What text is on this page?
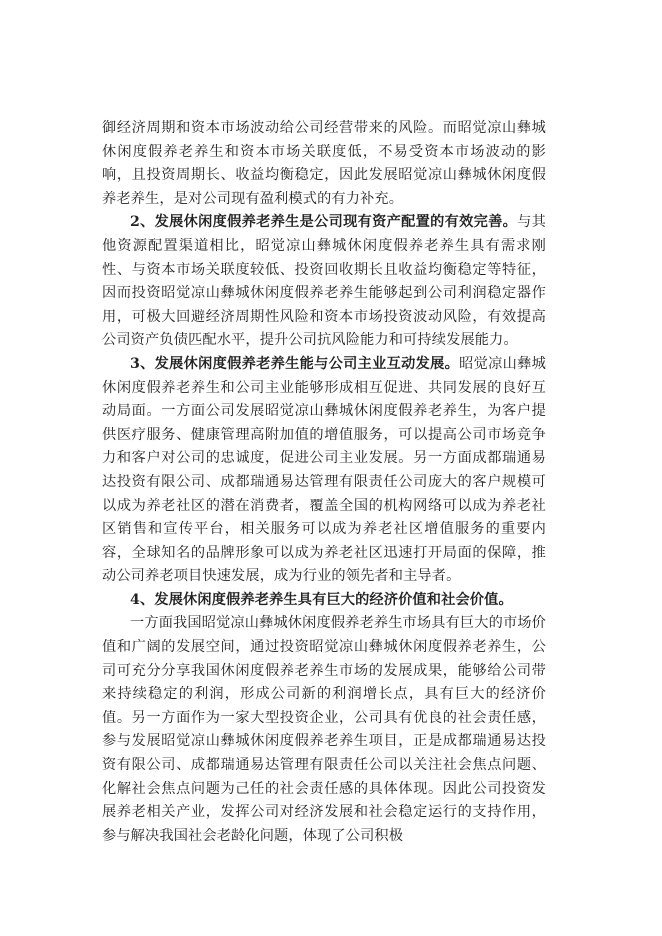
御经济周期和资本市场波动给公司经营带来的风险。而昭觉凉山彝城休闲度假养老养生和资本市场关联度低，不易受资本市场波动的影响，且投资周期长、收益均衡稳定，因此发展昭觉凉山彝城休闲度假养老养生，是对公司现有盈利模式的有力补充。

2、发展休闲度假养老养生是公司现有资产配置的有效完善。与其他资源配置渠道相比，昭觉凉山彝城休闲度假养老养生具有需求刚性、与资本市场关联度较低、投资回收期长且收益均衡稳定等特征，因而投资昭觉凉山彝城休闲度假养老养生能够起到公司利润稳定器作用，可极大回避经济周期性风险和资本市场投资波动风险，有效提高公司资产负债匹配水平，提升公司抗风险能力和可持续发展能力。

3、发展休闲度假养老养生能与公司主业互动发展。昭觉凉山彝城休闲度假养老养生和公司主业能够形成相互促进、共同发展的良好互动局面。一方面公司发展昭觉凉山彝城休闲度假养老养生，为客户提供医疗服务、健康管理高附加值的增值服务，可以提高公司市场竞争力和客户对公司的忠诚度，促进公司主业发展。另一方面成都瑞通易达投资有限公司、成都瑞通易达管理有限责任公司庞大的客户规模可以成为养老社区的潜在消费者，覆盖全国的机构网络可以成为养老社区销售和宣传平台，相关服务可以成为养老社区增值服务的重要内容，全球知名的品牌形象可以成为养老社区迅速打开局面的保障，推动公司养老项目快速发展，成为行业的领先者和主导者。

4、发展休闲度假养老养生具有巨大的经济价值和社会价值。

一方面我国昭觉凉山彝城休闲度假养老养生市场具有巨大的市场价值和广阔的发展空间，通过投资昭觉凉山彝城休闲度假养老养生，公司可充分分享我国休闲度假养老养生市场的发展成果，能够给公司带来持续稳定的利润，形成公司新的利润增长点，具有巨大的经济价值。另一方面作为一家大型投资企业，公司具有优良的社会责任感，参与发展昭觉凉山彝城休闲度假养老养生项目，正是成都瑞通易达投资有限公司、成都瑞通易达管理有限责任公司以关注社会焦点问题、化解社会焦点问题为己任的社会责任感的具体体现。因此公司投资发展养老相关产业，发挥公司对经济发展和社会稳定运行的支持作用，参与解决我国社会老龄化问题，体现了公司积极
